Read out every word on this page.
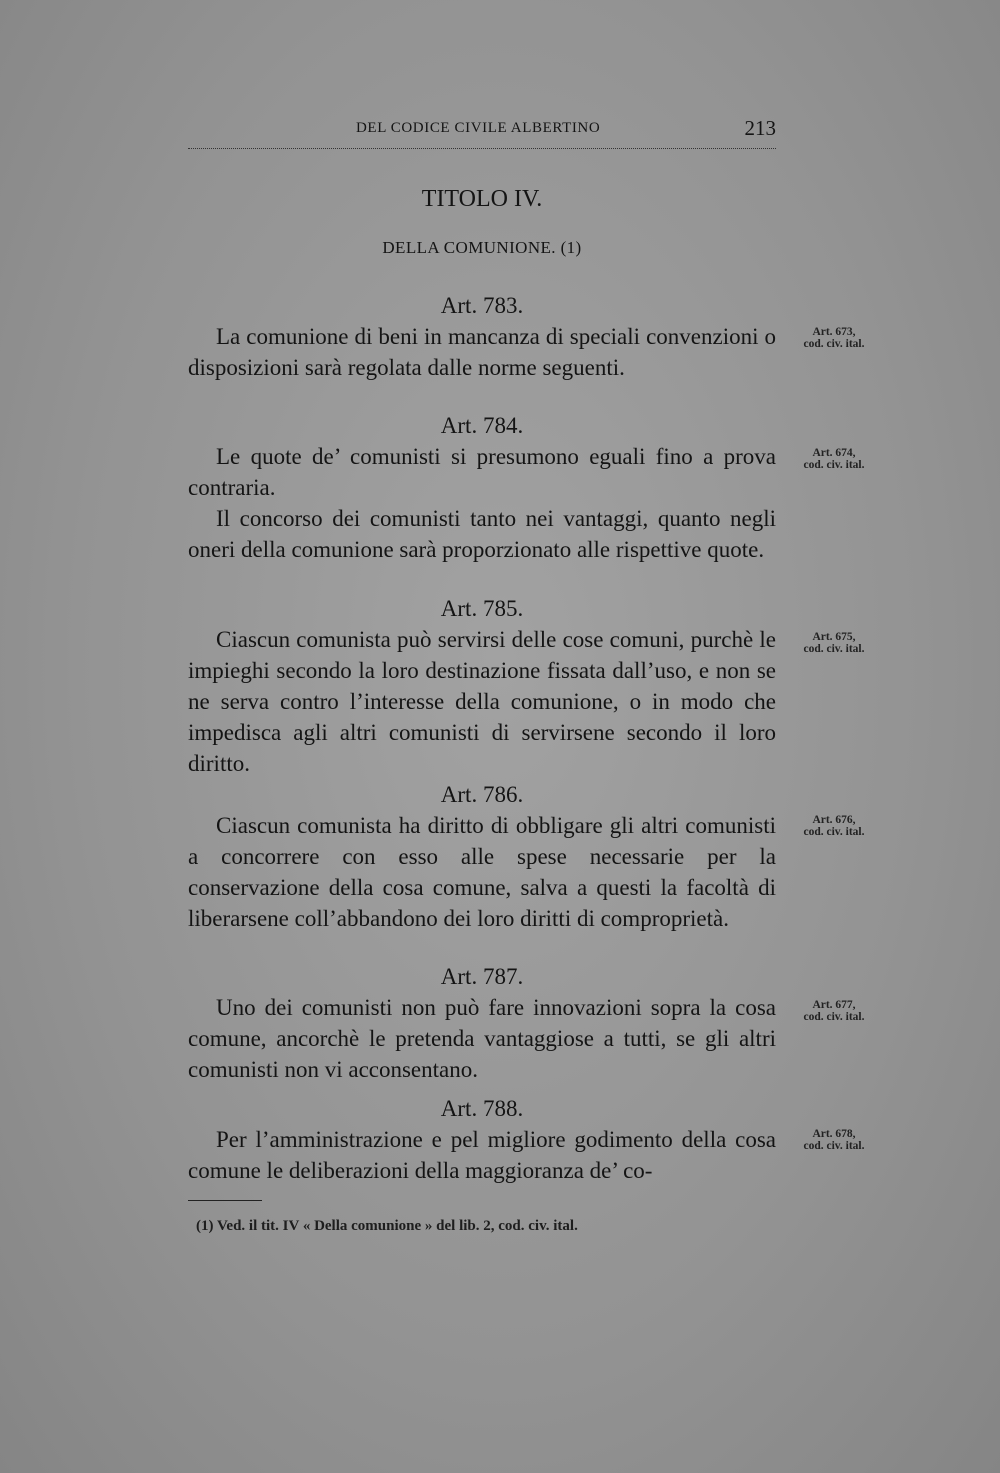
DEL CODICE CIVILE ALBERTINO	213
TITOLO IV.
DELLA COMUNIONE. (1)
Art. 783.
La comunione di beni in mancanza di speciali convenzioni o disposizioni sarà regolata dalle norme seguenti.
Art. 673,
cod. civ. ital.
Art. 784.
Le quote de’ comunisti si presumono eguali fino a prova contraria.
Il concorso dei comunisti tanto nei vantaggi, quanto negli oneri della comunione sarà proporzionato alle rispettive quote.
Art. 674,
cod. civ. ital.
Art. 785.
Ciascun comunista può servirsi delle cose comuni, purchè le impieghi secondo la loro destinazione fissata dall’uso, e non se ne serva contro l’interesse della comunione, o in modo che impedisca agli altri comunisti di servirsene secondo il loro diritto.
Art. 675,
cod. civ. ital.
Art. 786.
Ciascun comunista ha diritto di obbligare gli altri comunisti a concorrere con esso alle spese necessarie per la conservazione della cosa comune, salva a questi la facoltà di liberarsene coll’abbandono dei loro diritti di comproprietà.
Art. 676,
cod. civ. ital.
Art. 787.
Uno dei comunisti non può fare innovazioni sopra la cosa comune, ancorchè le pretenda vantaggiose a tutti, se gli altri comunisti non vi acconsentano.
Art. 677,
cod. civ. ital.
Art. 788.
Per l’amministrazione e pel migliore godimento della cosa comune le deliberazioni della maggioranza de’ co-
Art. 678,
cod. civ. ital.
(1) Ved. il tit. IV « Della comunione » del lib. 2, cod. civ. ital.
